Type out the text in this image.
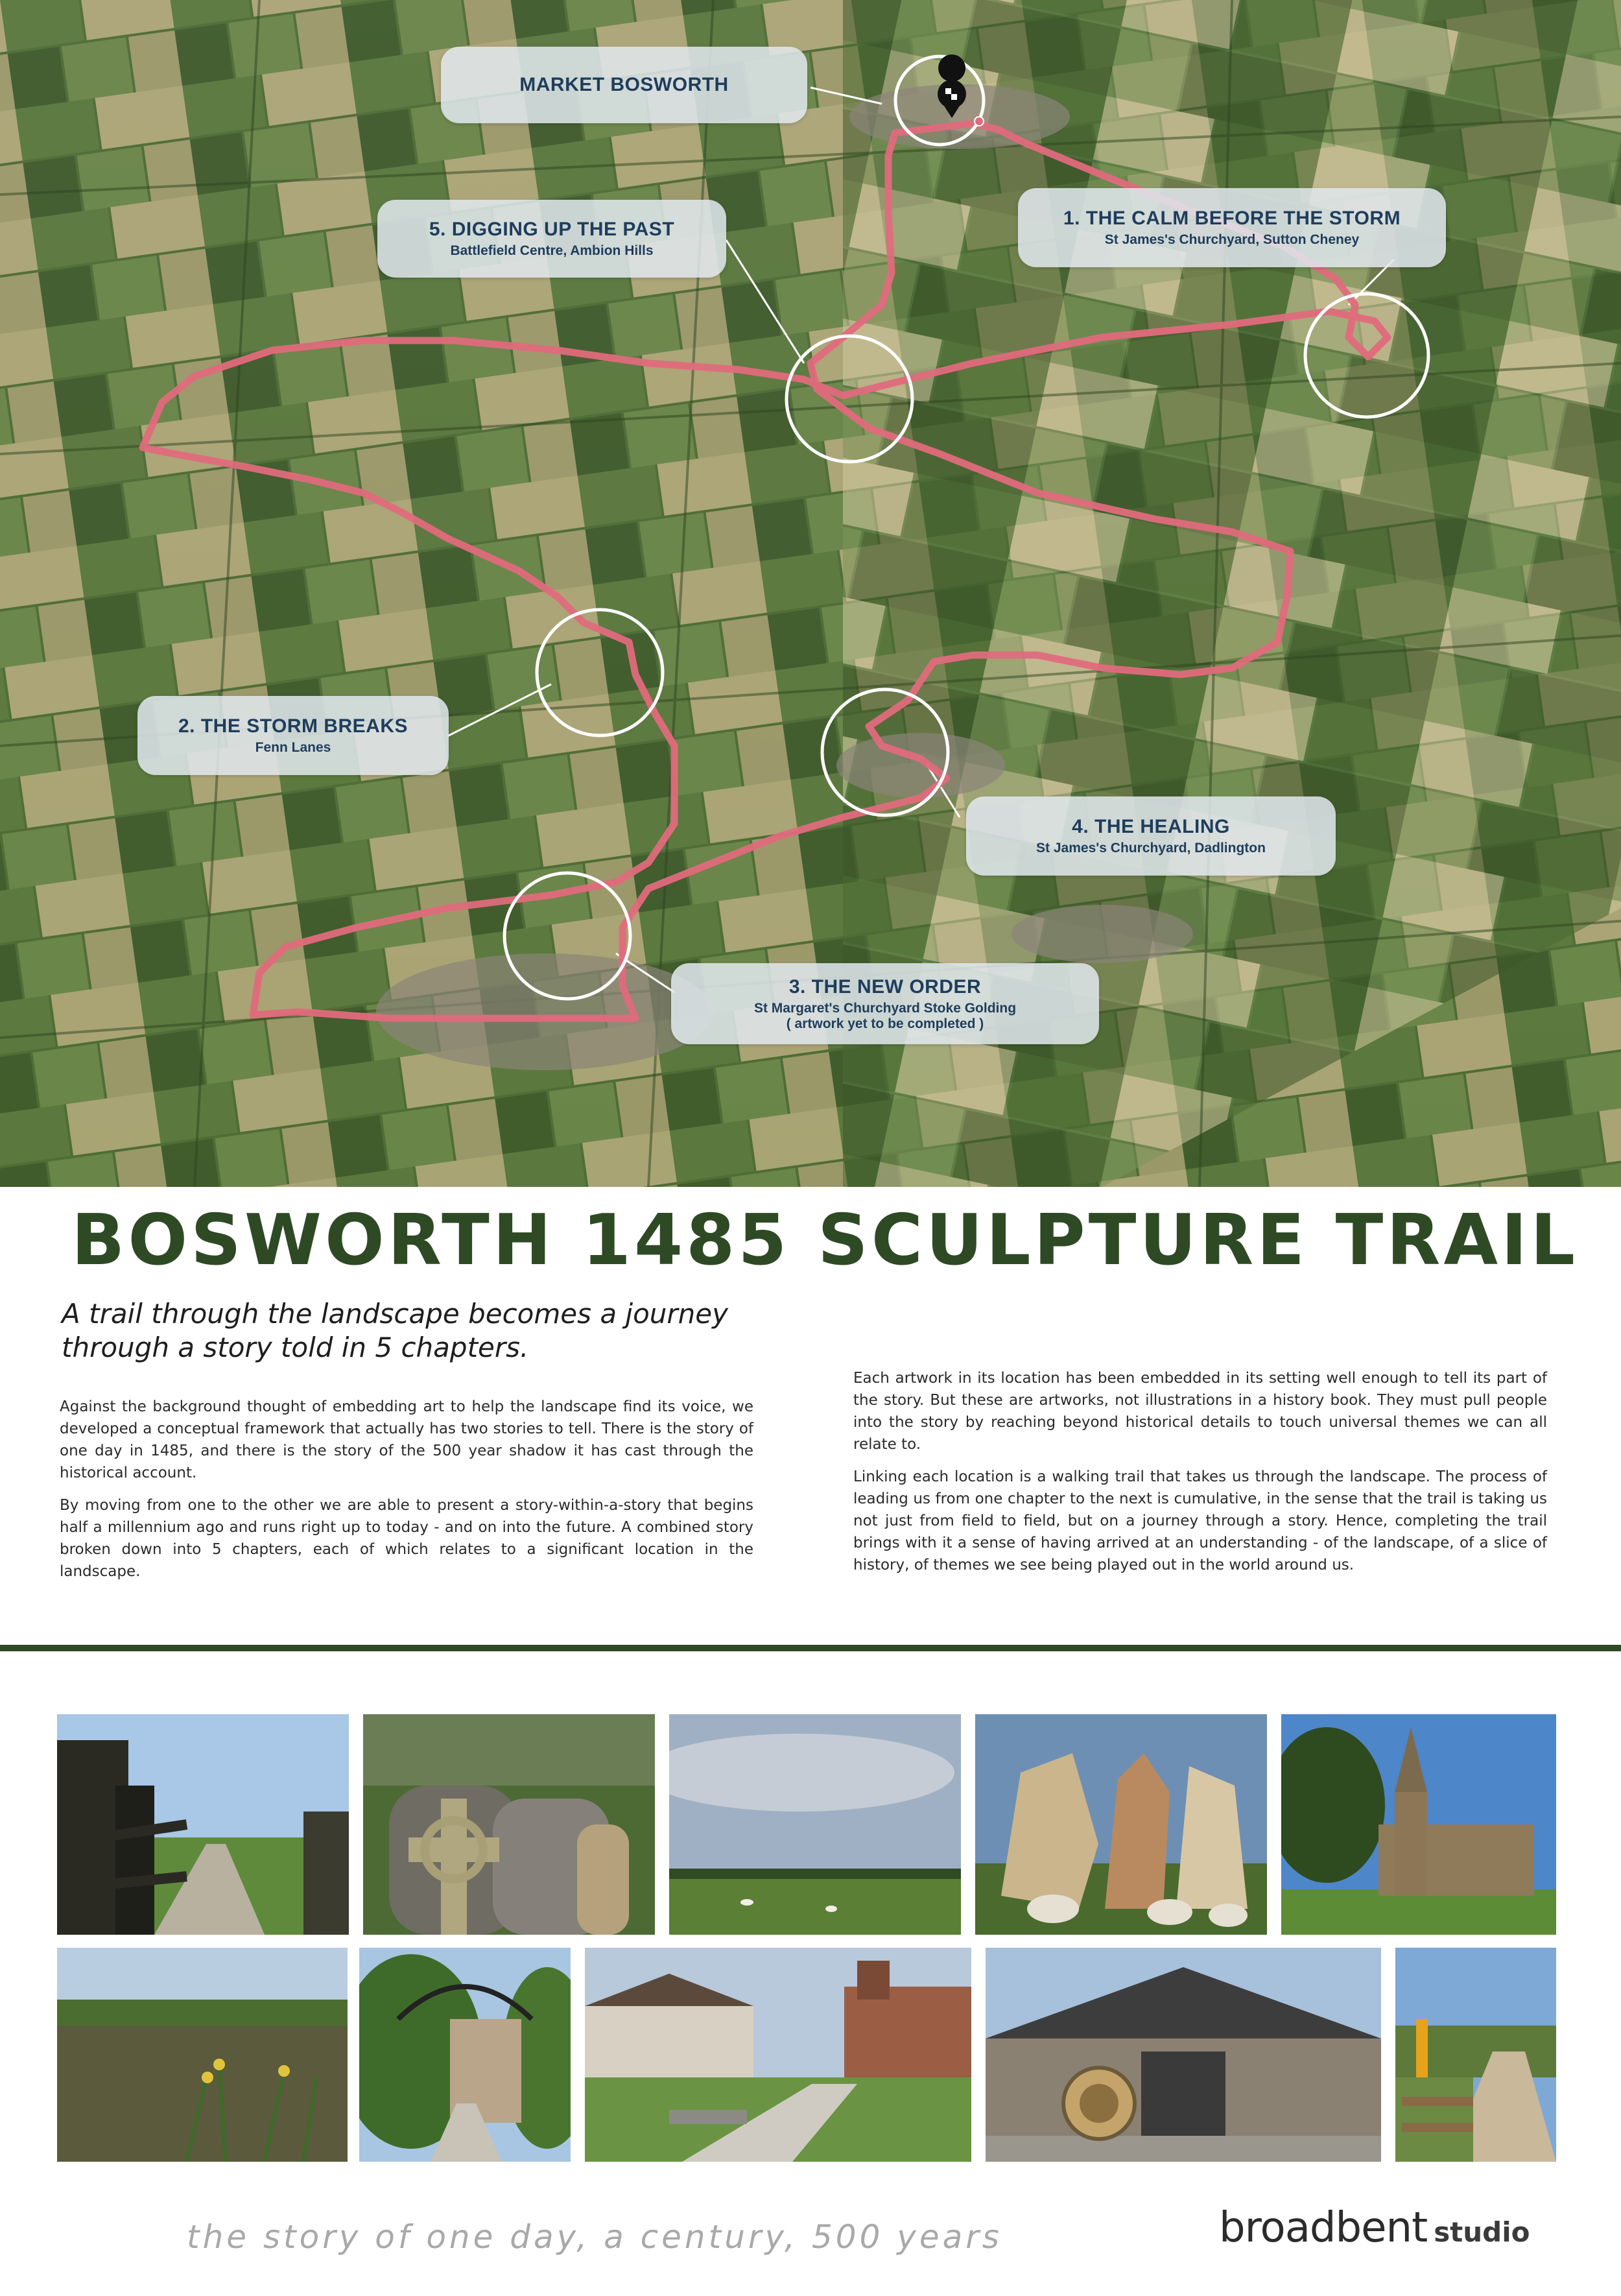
MARKET BOSWORTH
1. THE CALM BEFORE THE STORM
St James's Churchyard, Sutton Cheney
5. DIGGING UP THE PAST
Battlefield Centre, Ambion Hills
2. THE STORM BREAKS
Fenn Lanes
4. THE HEALING
St James's Churchyard, Dadlington
3. THE NEW ORDER
St Margaret's Churchyard Stoke Golding
( artwork yet to be completed )
BOSWORTH 1485 SCULPTURE TRAIL
A trail through the landscape becomes a journey through a story told in 5 chapters.

Against the background thought of embedding art to help the landscape find its voice, we developed a conceptual framework that actually has two stories to tell. There is the story of one day in 1485, and there is the story of the 500 year shadow it has cast through the historical account.

By moving from one to the other we are able to present a story-within-a-story that begins half a millennium ago and runs right up to today - and on into the future. A combined story broken down into 5 chapters, each of which relates to a significant location in the landscape.

Each artwork in its location has been embedded in its setting well enough to tell its part of the story. But these are artworks, not illustrations in a history book. They must pull people into the story by reaching beyond historical details to touch universal themes we can all relate to.

Linking each location is a walking trail that takes us through the landscape. The process of leading us from one chapter to the next is cumulative, in the sense that the trail is taking us not just from field to field, but on a journey through a story. Hence, completing the trail brings with it a sense of having arrived at an understanding - of the landscape, of a slice of history, of themes we see being played out in the world around us.

the story of one day, a century, 500 years	broadbent studio
